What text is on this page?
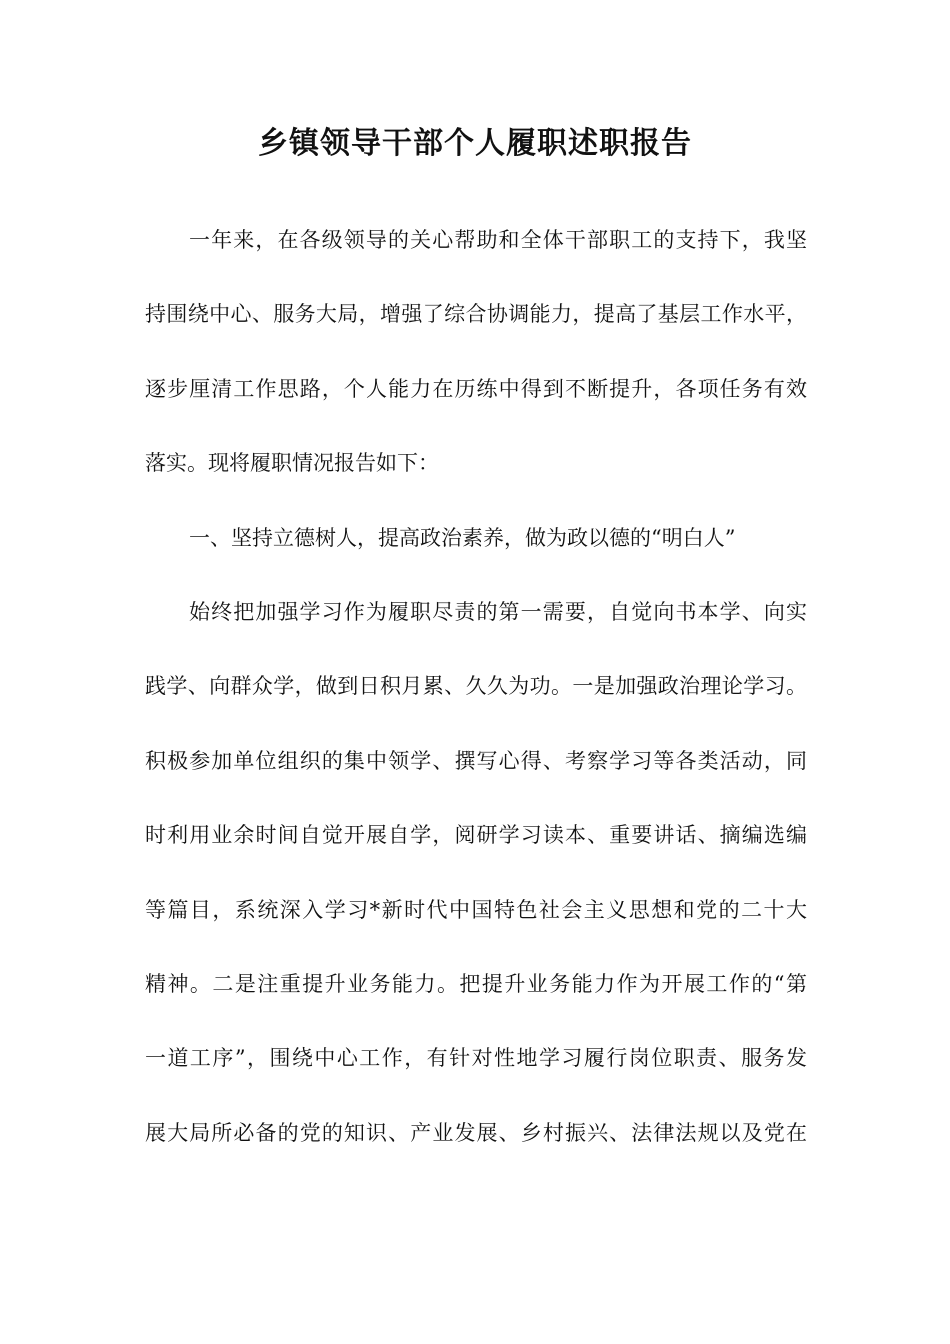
乡镇领导干部个人履职述职报告
一年来，在各级领导的关心帮助和全体干部职工的支持下，我坚
持围绕中心、服务大局，增强了综合协调能力，提高了基层工作水平，
逐步厘清工作思路，个人能力在历练中得到不断提升，各项任务有效
落实。现将履职情况报告如下：
一、坚持立德树人，提高政治素养，做为政以德的“明白人”
始终把加强学习作为履职尽责的第一需要，自觉向书本学、向实
践学、向群众学，做到日积月累、久久为功。一是加强政治理论学习。
积极参加单位组织的集中领学、撰写心得、考察学习等各类活动，同
时利用业余时间自觉开展自学，阅研学习读本、重要讲话、摘编选编
等篇目，系统深入学习*新时代中国特色社会主义思想和党的二十大
精神。二是注重提升业务能力。把提升业务能力作为开展工作的“第
一道工序”，围绕中心工作，有针对性地学习履行岗位职责、服务发
展大局所必备的党的知识、产业发展、乡村振兴、法律法规以及党在
